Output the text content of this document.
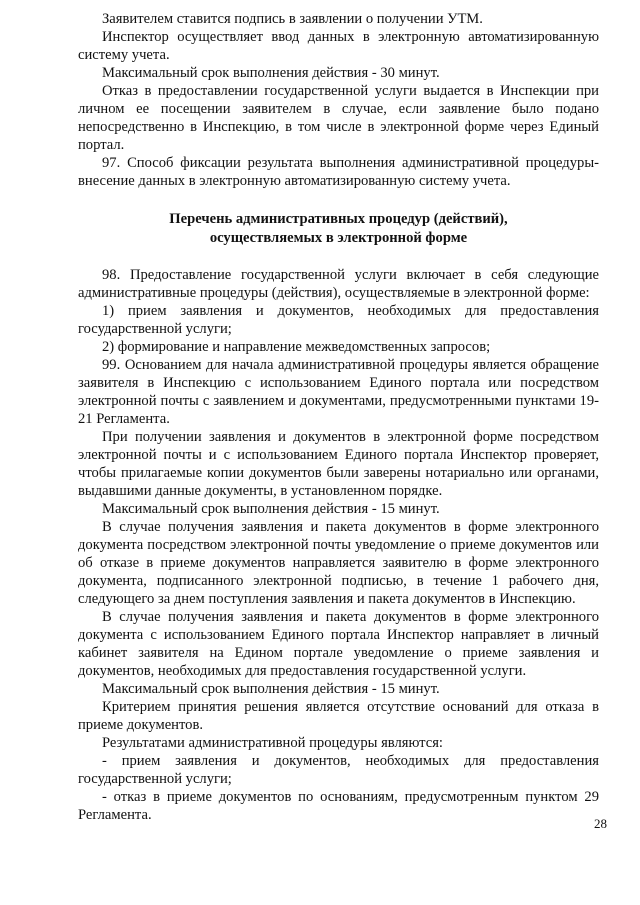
Заявителем ставится подпись в заявлении о получении УТМ.

Инспектор осуществляет ввод данных в электронную автоматизированную систему учета.

Максимальный срок выполнения действия - 30 минут.

Отказ в предоставлении государственной услуги выдается в Инспекции при личном ее посещении заявителем в случае, если заявление было подано непосредственно в Инспекцию, в том числе в электронной форме через Единый портал.

97. Способ фиксации результата выполнения административной процедуры- внесение данных в электронную автоматизированную систему учета.

Перечень административных процедур (действий),
осуществляемых в электронной форме

98. Предоставление государственной услуги включает в себя следующие административные процедуры (действия), осуществляемые в электронной форме:

1) прием заявления и документов, необходимых для предоставления государственной услуги;

2) формирование и направление межведомственных запросов;

99. Основанием для начала административной процедуры является обращение заявителя в Инспекцию с использованием Единого портала или посредством электронной почты с заявлением и документами, предусмотренными пунктами 19-21 Регламента.

При получении заявления и документов в электронной форме посредством электронной почты и с использованием Единого портала Инспектор проверяет, чтобы прилагаемые копии документов были заверены нотариально или органами, выдавшими данные документы, в установленном порядке.

Максимальный срок выполнения действия - 15 минут.

В случае получения заявления и пакета документов в форме электронного документа посредством электронной почты уведомление о приеме документов или об отказе в приеме документов направляется заявителю в форме электронного документа, подписанного электронной подписью, в течение 1 рабочего дня, следующего за днем поступления заявления и пакета документов в Инспекцию.

В случае получения заявления и пакета документов в форме электронного документа с использованием Единого портала Инспектор направляет в личный кабинет заявителя на Едином портале уведомление о приеме заявления и документов, необходимых для предоставления государственной услуги.

Максимальный срок выполнения действия - 15 минут.

Критерием принятия решения является отсутствие оснований для отказа в приеме документов.

Результатами административной процедуры являются:

- прием заявления и документов, необходимых для предоставления государственной услуги;

- отказ в приеме документов по основаниям, предусмотренным пунктом 29 Регламента.

28
